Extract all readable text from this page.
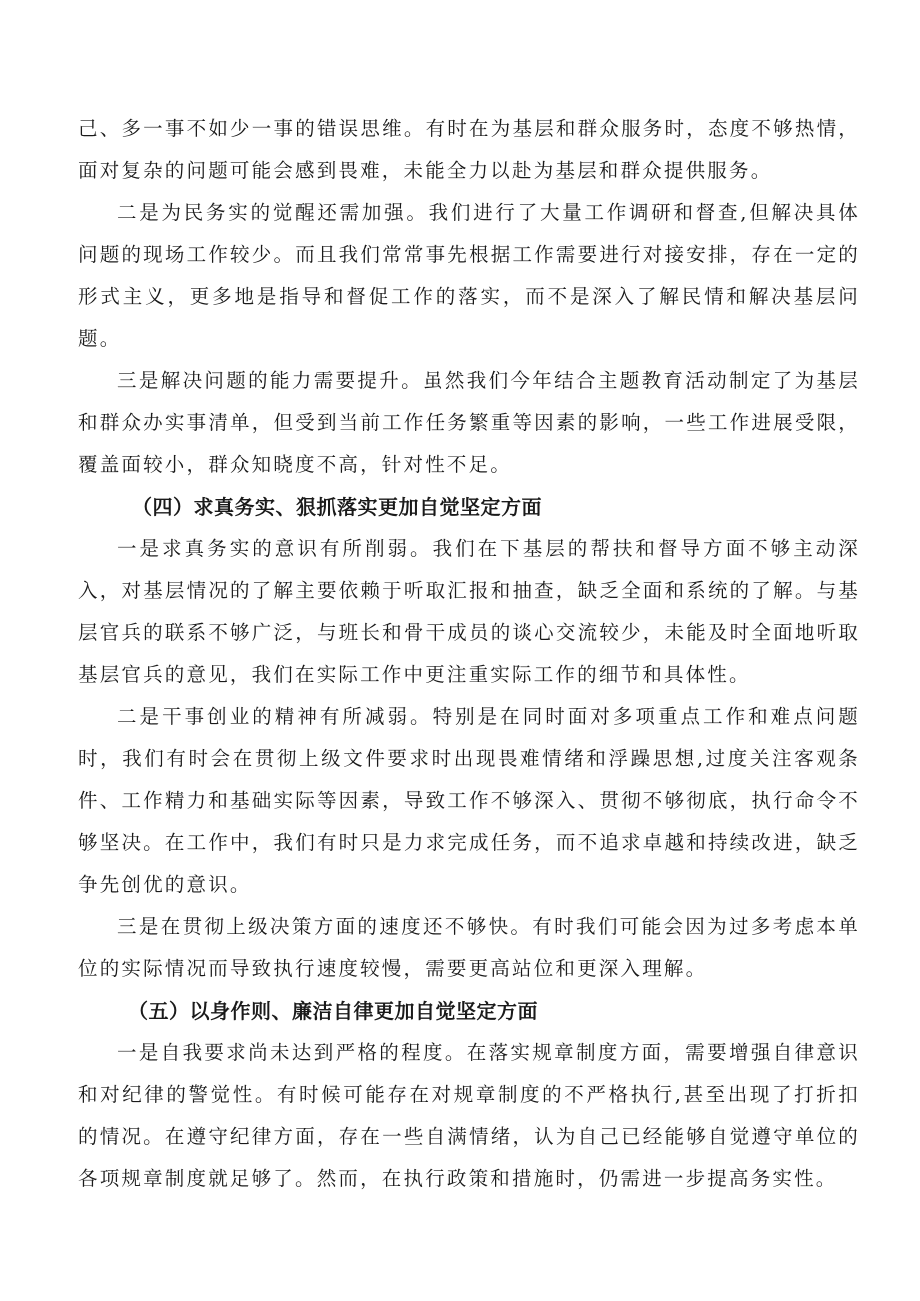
己、多一事不如少一事的错误思维。有时在为基层和群众服务时，态度不够热情，面对复杂的问题可能会感到畏难，未能全力以赴为基层和群众提供服务。

二是为民务实的觉醒还需加强。我们进行了大量工作调研和督查,但解决具体问题的现场工作较少。而且我们常常事先根据工作需要进行对接安排，存在一定的形式主义，更多地是指导和督促工作的落实，而不是深入了解民情和解决基层问题。

三是解决问题的能力需要提升。虽然我们今年结合主题教育活动制定了为基层和群众办实事清单，但受到当前工作任务繁重等因素的影响，一些工作进展受限，覆盖面较小，群众知晓度不高，针对性不足。

（四）求真务实、狠抓落实更加自觉坚定方面

一是求真务实的意识有所削弱。我们在下基层的帮扶和督导方面不够主动深入，对基层情况的了解主要依赖于听取汇报和抽查，缺乏全面和系统的了解。与基层官兵的联系不够广泛，与班长和骨干成员的谈心交流较少，未能及时全面地听取基层官兵的意见，我们在实际工作中更注重实际工作的细节和具体性。

二是干事创业的精神有所减弱。特别是在同时面对多项重点工作和难点问题时，我们有时会在贯彻上级文件要求时出现畏难情绪和浮躁思想,过度关注客观条件、工作精力和基础实际等因素，导致工作不够深入、贯彻不够彻底，执行命令不够坚决。在工作中，我们有时只是力求完成任务，而不追求卓越和持续改进，缺乏争先创优的意识。

三是在贯彻上级决策方面的速度还不够快。有时我们可能会因为过多考虑本单位的实际情况而导致执行速度较慢，需要更高站位和更深入理解。

（五）以身作则、廉洁自律更加自觉坚定方面

一是自我要求尚未达到严格的程度。在落实规章制度方面，需要增强自律意识和对纪律的警觉性。有时候可能存在对规章制度的不严格执行,甚至出现了打折扣的情况。在遵守纪律方面，存在一些自满情绪，认为自己已经能够自觉遵守单位的各项规章制度就足够了。然而，在执行政策和措施时，仍需进一步提高务实性。
